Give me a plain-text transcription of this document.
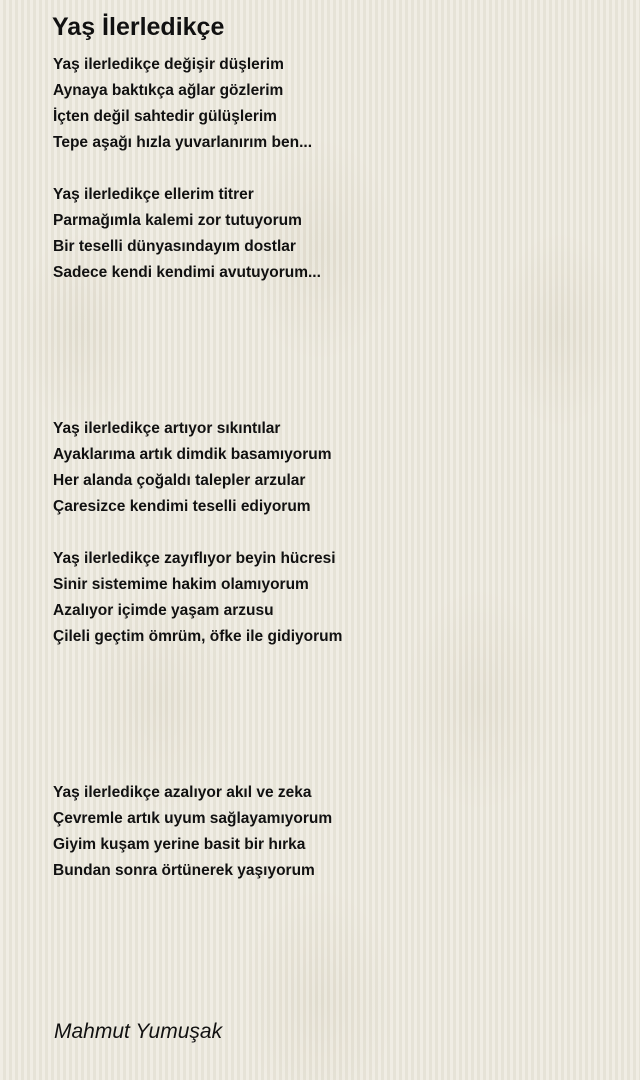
Yaş İlerledikçe
Yaş ilerledikçe değişir düşlerim
Aynaya baktıkça ağlar gözlerim
İçten değil sahtedir gülüşlerim
Tepe aşağı hızla yuvarlanırım ben...
Yaş ilerledikçe ellerim titrer
Parmağımla kalemi zor tutuyorum
Bir teselli dünyasındayım dostlar
Sadece kendi kendimi avutuyorum...
Yaş ilerledikçe artıyor sıkıntılar
Ayaklarıma artık dimdik basamıyorum
Her alanda çoğaldı talepler arzular
Çaresizce kendimi teselli ediyorum
Yaş ilerledikçe zayıflıyor beyin hücresi
Sinir sistemime hakim olamıyorum
Azalıyor içimde yaşam arzusu
Çileli geçtim ömrüm, öfke ile gidiyorum
Yaş ilerledikçe azalıyor akıl ve zeka
Çevremle artık uyum sağlayamıyorum
Giyim kuşam yerine basit bir hırka
Bundan sonra örtünerek yaşıyorum
Mahmut Yumuşak
